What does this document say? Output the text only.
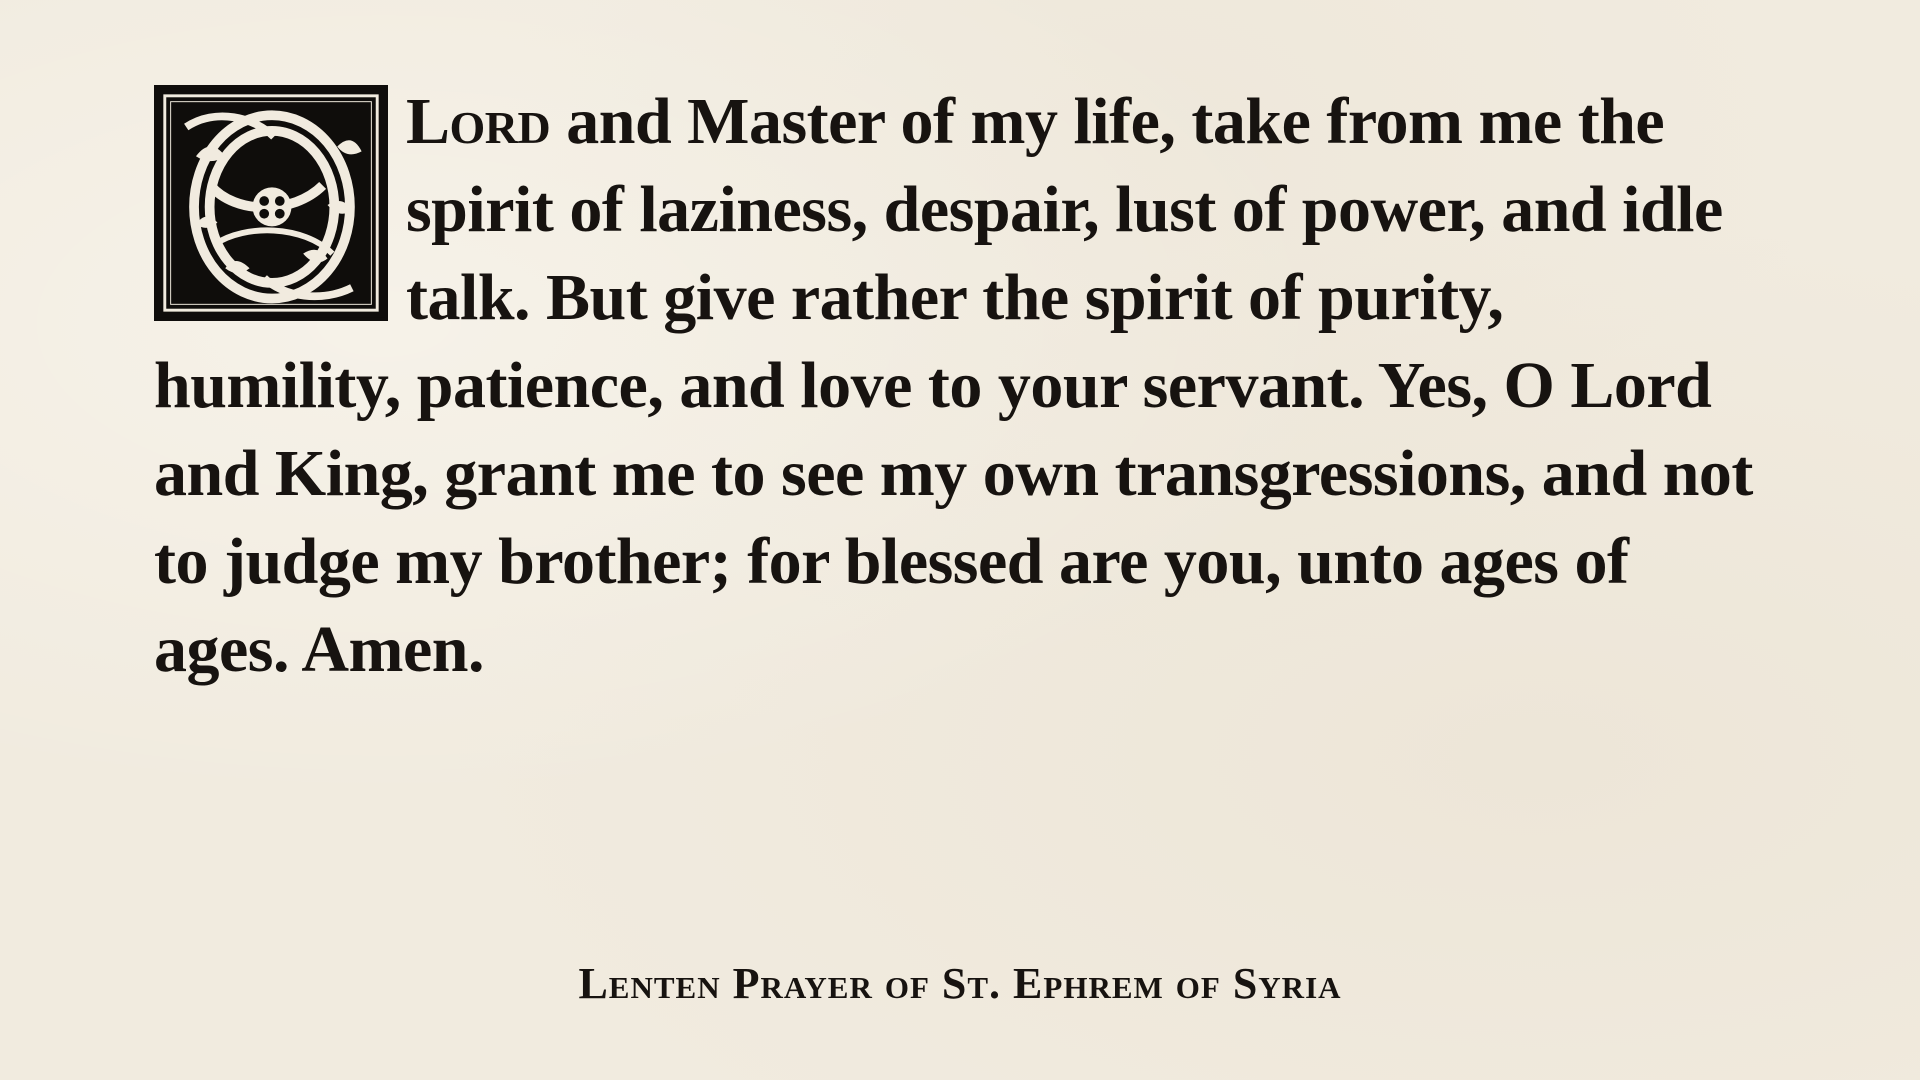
Lord and Master of my life, take from me the spirit of laziness, despair, lust of power, and idle talk. But give rather the spirit of purity, humility, patience, and love to your servant. Yes, O Lord and King, grant me to see my own transgressions, and not to judge my brother; for blessed are you, unto ages of ages. Amen.
Lenten Prayer of St. Ephrem of Syria
